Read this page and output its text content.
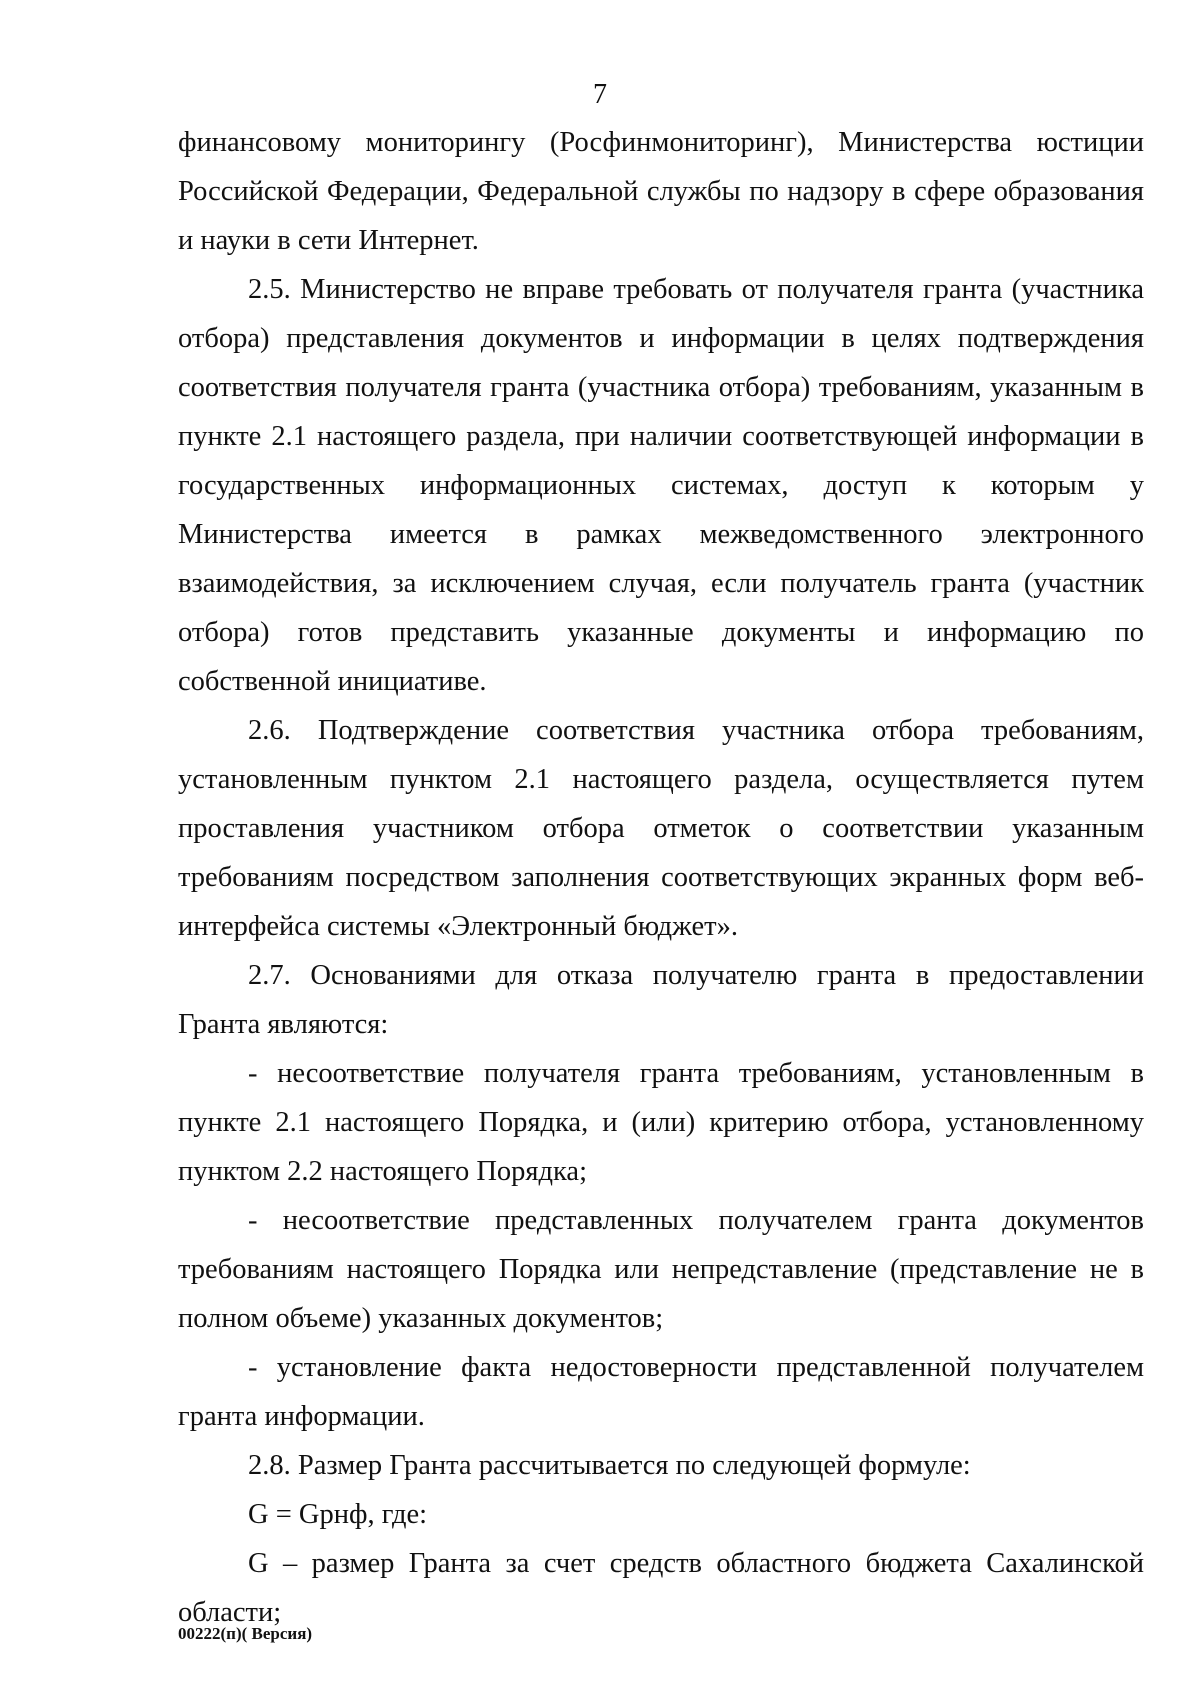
7

финансовому мониторингу (Росфинмониторинг), Министерства юстиции Российской Федерации, Федеральной службы по надзору в сфере образования и науки в сети Интернет.

2.5. Министерство не вправе требовать от получателя гранта (участника отбора) представления документов и информации в целях подтверждения соответствия получателя гранта (участника отбора) требованиям, указанным в пункте 2.1 настоящего раздела, при наличии соответствующей информации в государственных информационных системах, доступ к которым у Министерства имеется в рамках межведомственного электронного взаимодействия, за исключением случая, если получатель гранта (участник отбора) готов представить указанные документы и информацию по собственной инициативе.

2.6. Подтверждение соответствия участника отбора требованиям, установленным пунктом 2.1 настоящего раздела, осуществляется путем проставления участником отбора отметок о соответствии указанным требованиям посредством заполнения соответствующих экранных форм веб-интерфейса системы «Электронный бюджет».

2.7. Основаниями для отказа получателю гранта в предоставлении Гранта являются:

- несоответствие получателя гранта требованиям, установленным в пункте 2.1 настоящего Порядка, и (или) критерию отбора, установленному пунктом 2.2 настоящего Порядка;

- несоответствие представленных получателем гранта документов требованиям настоящего Порядка или непредставление (представление не в полном объеме) указанных документов;

- установление факта недостоверности представленной получателем гранта информации.

2.8. Размер Гранта рассчитывается по следующей формуле:

G = Gрнф, где:

G – размер Гранта за счет средств областного бюджета Сахалинской области;

00222(п)( Версия)
